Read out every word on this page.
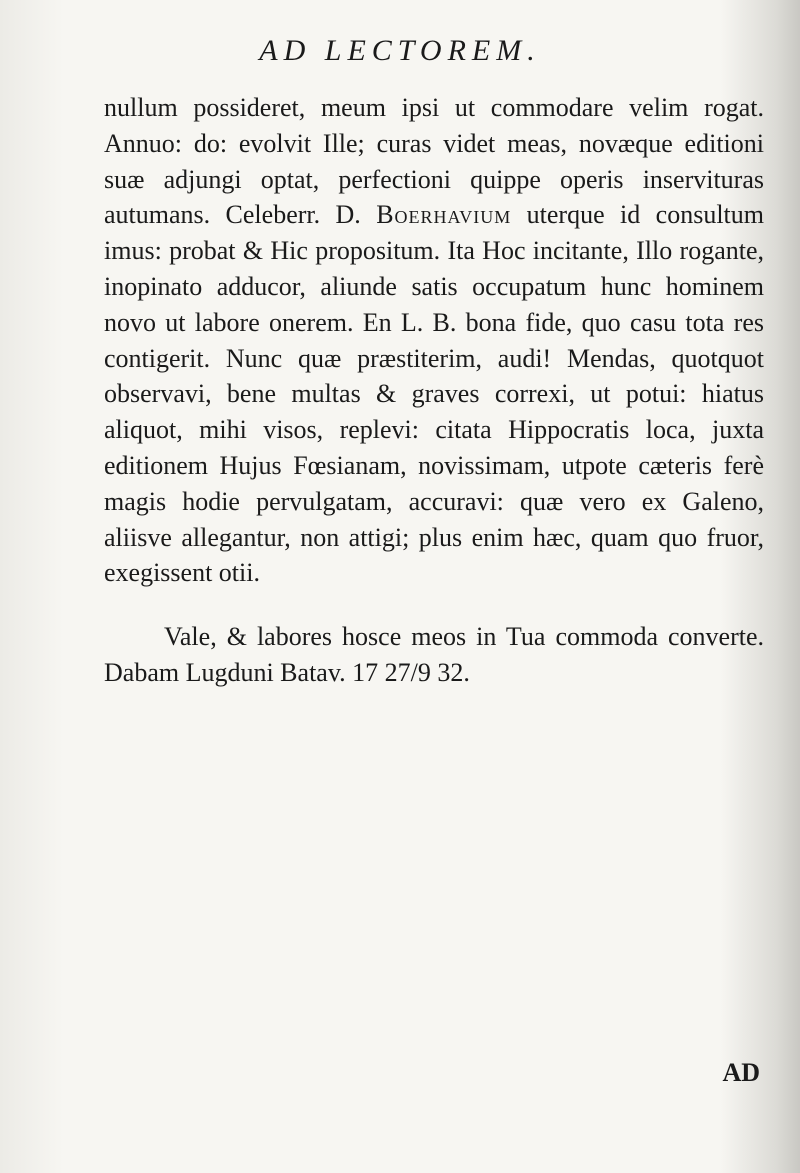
AD LECTOREM.

nullum possideret, meum ipsi ut commodare velim rogat. Annuo: do: evolvit Ille; curas videt meas, novæque editioni suæ adjungi optat, perfectioni quippe operis inservituras autumans. Celeberr. D. Boerhavium uterque id consultum imus: probat & Hic propositum. Ita Hoc incitante, Illo rogante, inopinato adducor, aliunde satis occupatum hunc hominem novo ut labore onerem. En L. B. bona fide, quo casu tota res contigerit. Nunc quæ præstiterim, audi! Mendas, quotquot observavi, bene multas & graves correxi, ut potui: hiatus aliquot, mihi visos, replevi: citata Hippocratis loca, juxta editionem Hujus Fœsianam, novissimam, utpote cæteris ferè magis hodie pervulgatam, accuravi: quæ vero ex Galeno, aliisve allegantur, non attigi; plus enim hæc, quam quo fruor, exegissent otii.

Vale, & labores hosce meos in Tua commoda converte. Dabam Lugduni Batav. 17 27/9 32.

AD
